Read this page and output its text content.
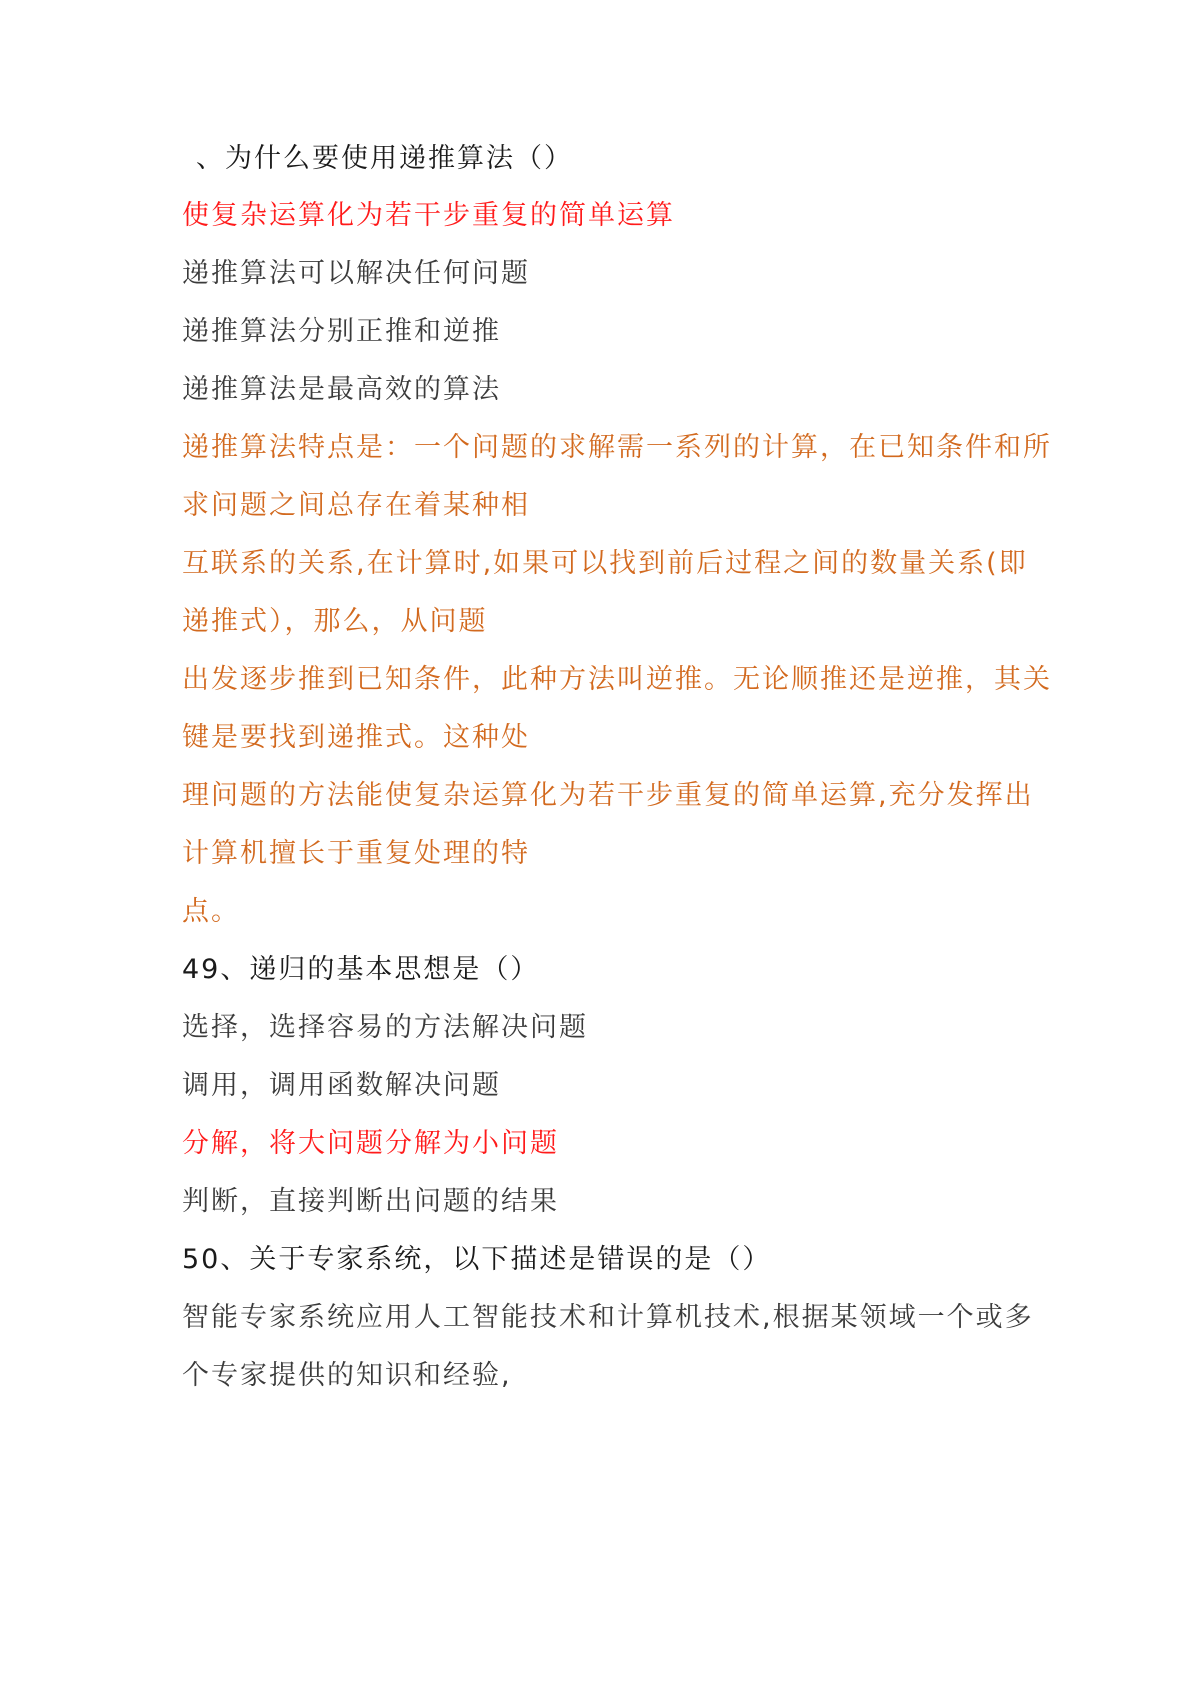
、为什么要使用递推算法（）
使复杂运算化为若干步重复的简单运算
递推算法可以解决任何问题
递推算法分别正推和逆推
递推算法是最高效的算法
递推算法特点是：一个问题的求解需一系列的计算，在已知条件和所
求问题之间总存在着某种相
互联系的关系,在计算时,如果可以找到前后过程之间的数量关系(即
递推式），那么，从问题
出发逐步推到已知条件，此种方法叫逆推。无论顺推还是逆推，其关
键是要找到递推式。这种处
理问题的方法能使复杂运算化为若干步重复的简单运算,充分发挥出
计算机擅长于重复处理的特
点。
49、递归的基本思想是（）
选择，选择容易的方法解决问题
调用，调用函数解决问题
分解，将大问题分解为小问题
判断，直接判断出问题的结果
50、关于专家系统，以下描述是错误的是（）
智能专家系统应用人工智能技术和计算机技术,根据某领域一个或多
个专家提供的知识和经验,
